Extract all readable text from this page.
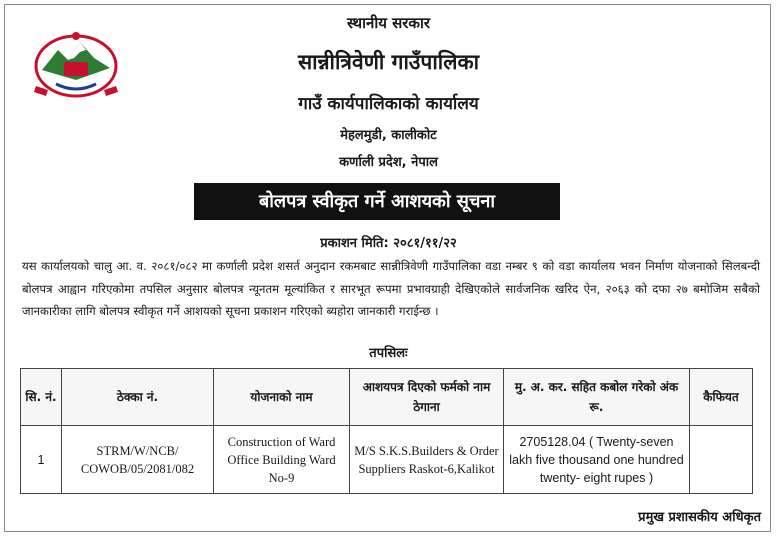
स्थानीय सरकार
सान्नीत्रिवेणी गाउँपालिका
गाउँ कार्यपालिकाको कार्यालय
मेहलमुडी, कालीकोट
कर्णाली प्रदेश, नेपाल
बोलपत्र स्वीकृत गर्ने आशयको सूचना
प्रकाशन मिति: २०८१/११/२२

यस कार्यालयको चालु आ. व. २०८१/०८२ मा कर्णाली प्रदेश शसर्त अनुदान रकमबाट सान्नीत्रिवेणी गाउँपालिका वडा नम्बर ९ को वडा कार्यालय भवन निर्माण योजनाको सिलबन्दी बोलपत्र आह्वान गरिएकोमा तपसिल अनुसार बोलपत्र न्यूनतम मूल्यांकित र सारभूत रूपमा प्रभावग्राही देखिएकोले सार्वजनिक खरिद ऐन, २०६३ को दफा २७ बमोजिम सबैको जानकारीका लागि बोलपत्र स्वीकृत गर्ने आशयको सूचना प्रकाशन गरिएको ब्यहोरा जानकारी गराईन्छ ।

तपसिलः
सि. नं.	ठेक्का नं.	योजनाको नाम	आशयपत्र दिएको फर्मको नाम ठेगाना	मु. अ. कर. सहित कबोल गरेको अंक रू.	कैफियत
1	STRM/W/NCB/ COWOB/05/2081/082	Construction of Ward Office Building Ward No-9	M/S S.K.S.Builders & Order Suppliers Raskot-6,Kalikot	2705128.04 ( Twenty-seven lakh five thousand one hundred twenty- eight rupes )	
प्रमुख प्रशासकीय अधिकृत
